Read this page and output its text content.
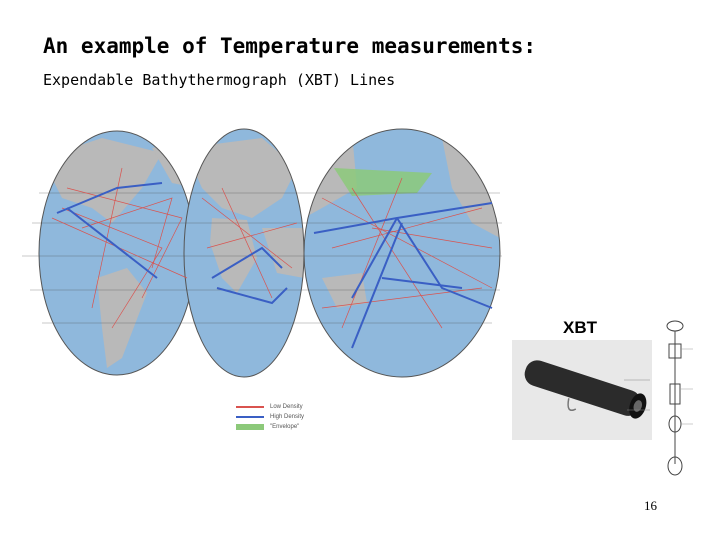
An example of Temperature measurements:
Expendable Bathythermograph (XBT) Lines
Low Density
High Density
"Envelope"
XBT
16
